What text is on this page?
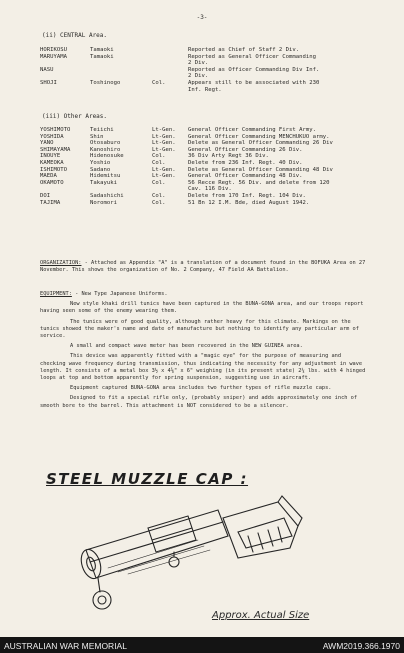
-3-
(ii) CENTRAL Area.
HORIKOSU	Tamaoki	Reported as Chief of Staff 2 Div.
MARUYAMA	Tamaoki	Reported as General Officer Commanding
2 Div.
NASU	Reported as Officer Commanding Div Inf.
2 Div.
SHOJI	Toshinogo	Col.	Appears still to be associated with 230
Inf. Regt.
(iii) Other Areas.
YOSHIMOTO	Teiichi	Lt-Gen. General Officer Commanding First Army.
YOSHIDA	Shin	Lt-Gen. General Officer Commanding MENCHUKUO army.
YANO	Otosaburo	Lt-Gen. Delete as General Officer Commanding 26 Div
SHIMAYAMA	Kanoshiro	Lt-Gen. General Officer Commanding 26 Div.
INOUYE	Hidenosuke	Col.	36 Div Arty Regt 36 Div.
KAMEOKA	Yoshio	Col.	Delete from 236 Inf. Regt. 40 Div.
ISHIMOTO	Sadano	Lt-Gen. Delete as General Officer Commanding 48 Div
MAEDA	Hidemitsu	Lt-Gen. General Officer Commanding 48 Div.
OKAMOTO	Takayuki	Col.	56 Recce Regt. 56 Div. and delete from 120
Cav. 116 Div.
DOI	Sadashichi	Col.	Delete from 170 Inf. Regt. 104 Div.
TAJIMA	Noromori	Col.	51 Bn 12 I.M. Bde, died August 1942.

ORGANIZATION: - Attached as Appendix "A" is a translation of a document found in the BOFUKA Area on 27 November. This shows the organization of No. 2 Company, 47 Field AA Battalion.

EQUIPMENT: - New Type Japanese Uniforms.

New style khaki drill tunics have been captured in the BUNA-GONA area, and our troops report having seen some of the enemy wearing them.

The tunics were of good quality, although rather heavy for this climate. Markings on the tunics showed the maker's name and date of manufacture but nothing to identify any particular arm of service.

A small and compact wave meter has been recovered in the NEW GUINEA area.

This device was apparently fitted with a "magic eye" for the purpose of measuring and checking wave frequency during transmission, thus indicating the necessity for any adjustment in wave length. It consists of a metal box 3½ x 4⅝" x 6" weighing (in its present state) 2¼ lbs. with 4 hinged loops at top and bottom apparently for spring suspension, suggesting use in aircraft.

Equipment captured BUNA-GONA area includes two further types of rifle muzzle caps.

Designed to fit a special rifle only, (probably sniper) and adds approximately one inch of smooth bore to the barrel. This attachment is NOT considered to be a silencer.

STEEL MUZZLE CAP :
Approx. Actual Size
AUSTRALIAN WAR MEMORIAL	AWM2019.366.1970
